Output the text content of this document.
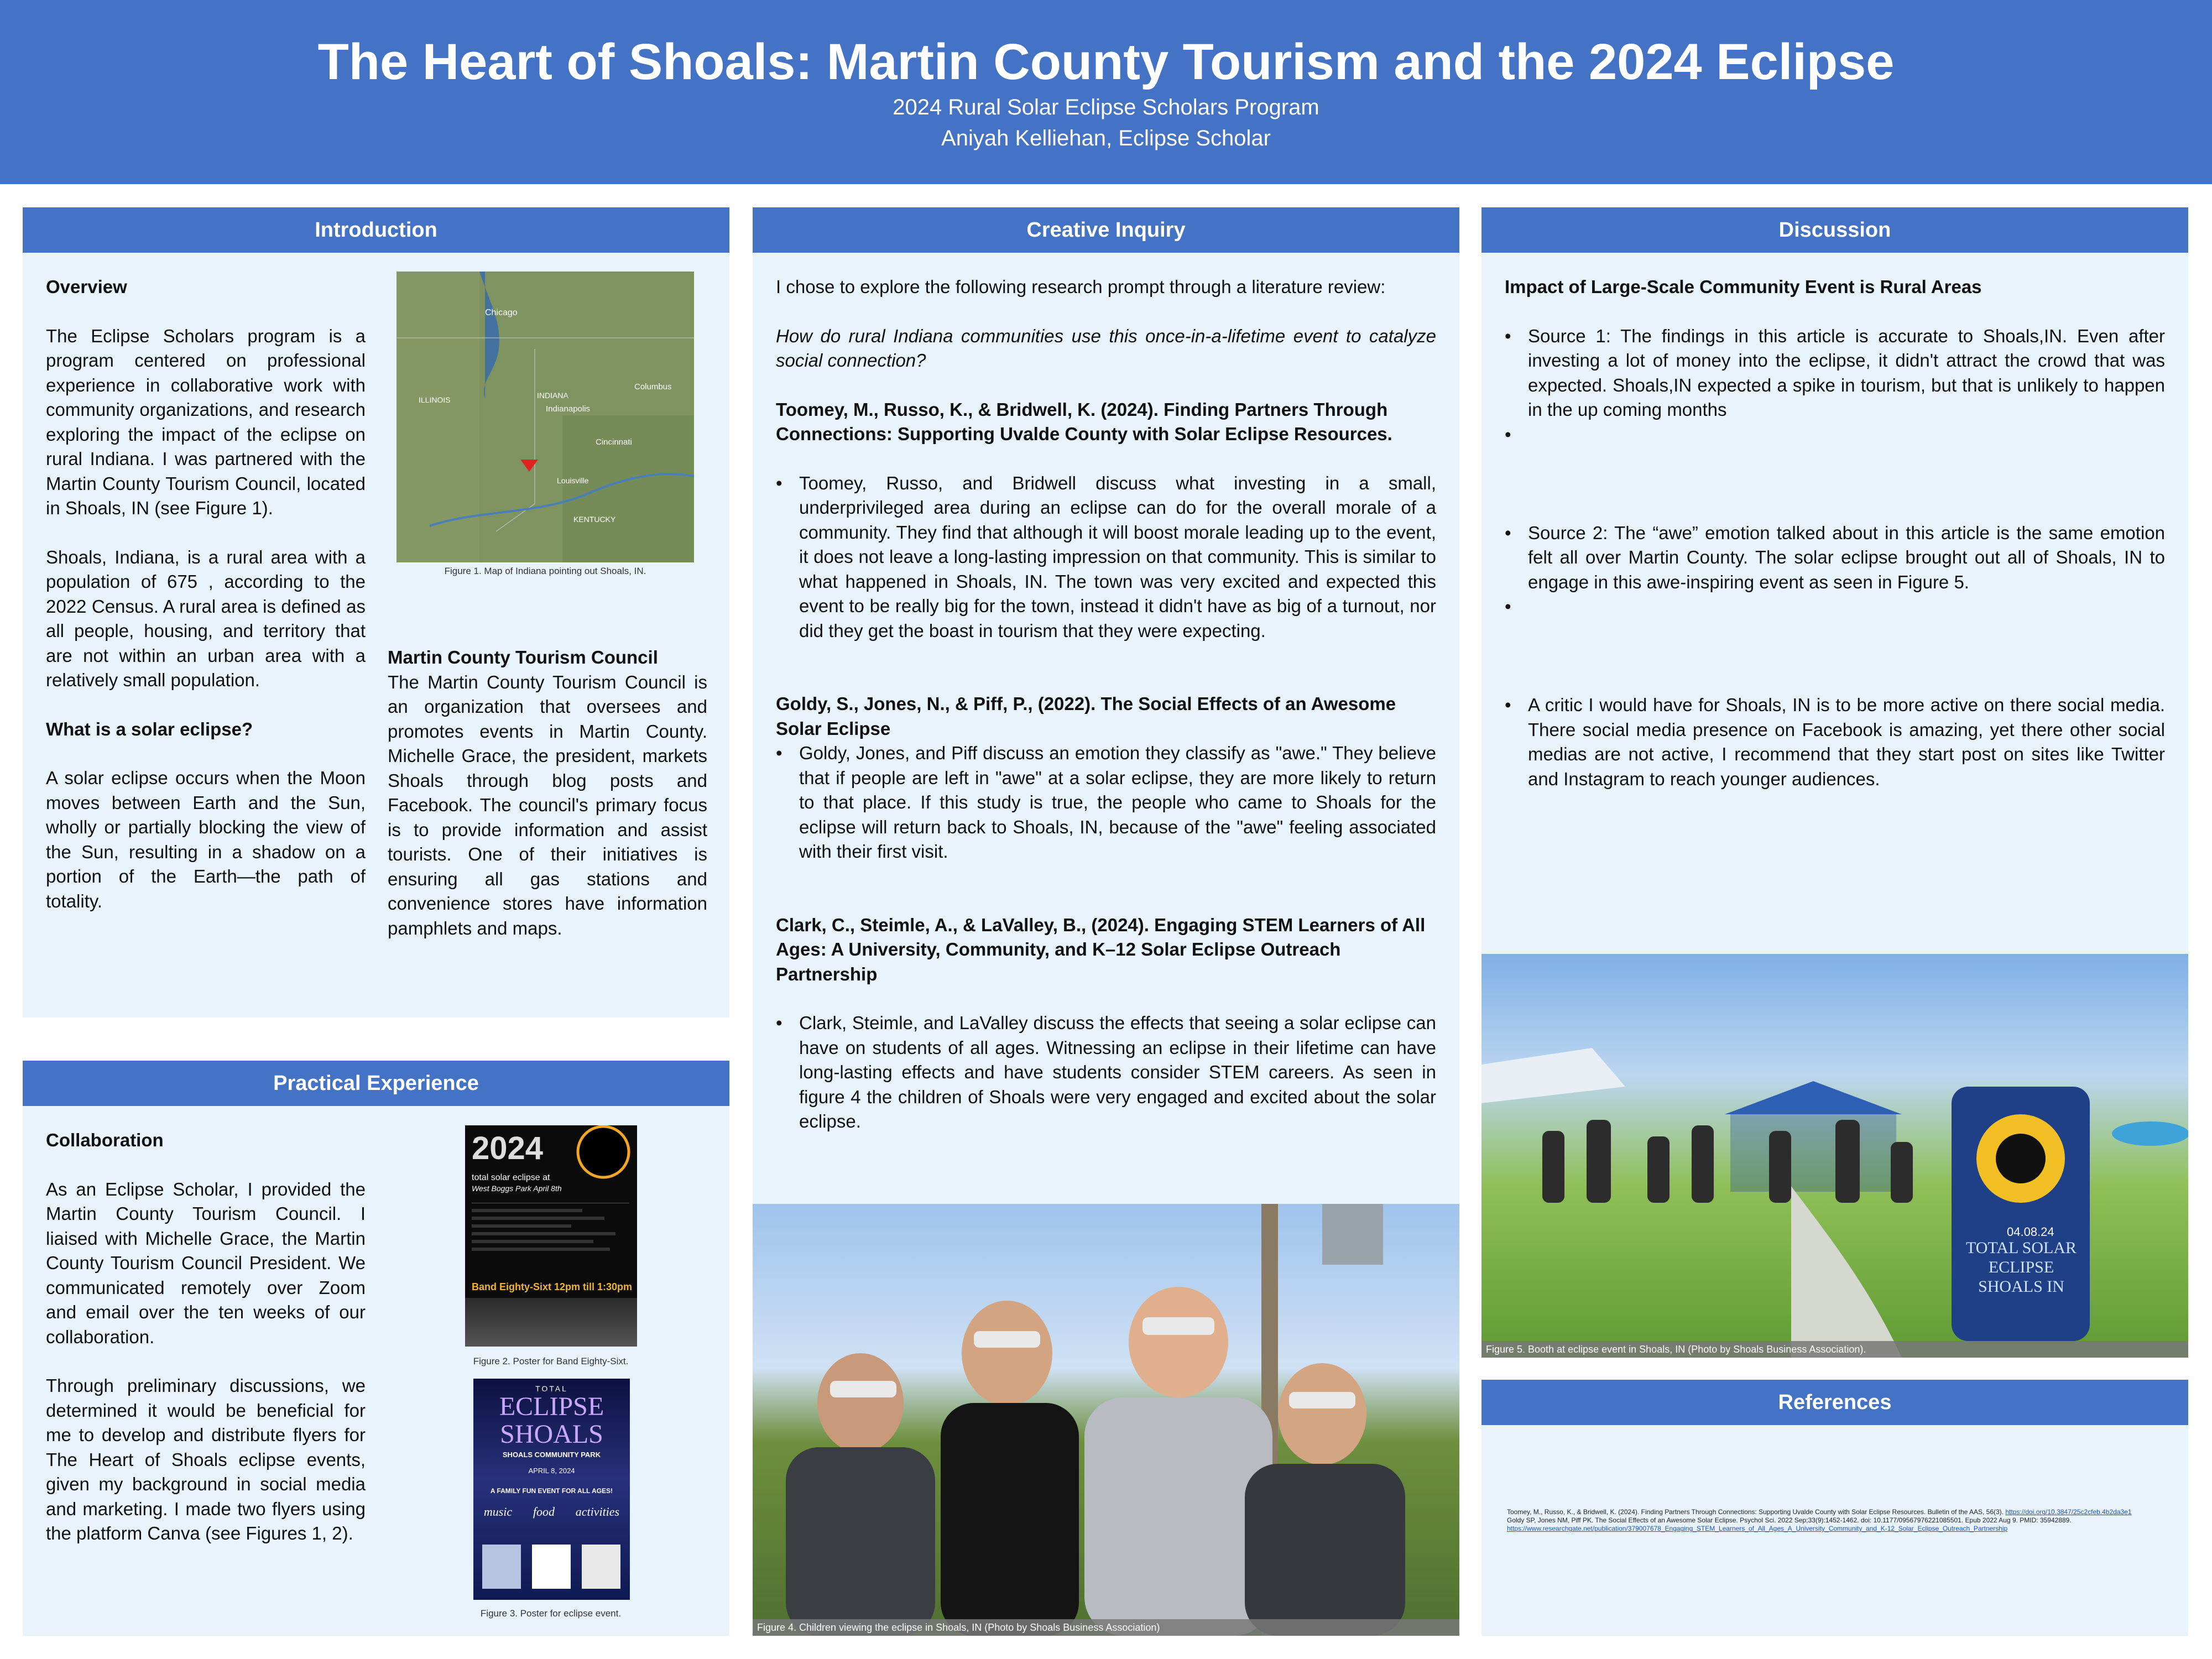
The Heart of Shoals: Martin County Tourism and the 2024 Eclipse
2024 Rural Solar Eclipse Scholars Program
Aniyah Kelliehan, Eclipse Scholar
Introduction
Overview
The Eclipse Scholars program is a program centered on professional experience in collaborative work with community organizations, and research exploring the impact of the eclipse on rural Indiana. I was partnered with the Martin County Tourism Council, located in Shoals, IN (see Figure 1).
Shoals, Indiana, is a rural area with a population of 675 , according to the 2022 Census. A rural area is defined as all people, housing, and territory that are not within an urban area with a relatively small population.
What is a solar eclipse?
A solar eclipse occurs when the Moon moves between Earth and the Sun, wholly or partially blocking the view of the Sun, resulting in a shadow on a portion of the Earth—the path of totality.
Chicago
ILLINOIS	INDIANA
Indianapolis
Columbus
Cincinnati
Louisville
KENTUCKY
Figure 1. Map of Indiana pointing out Shoals, IN.
Martin County Tourism Council
The Martin County Tourism Council is an organization that oversees and promotes events in Martin County. Michelle Grace, the president, markets Shoals through blog posts and Facebook. The council's primary focus is to provide information and assist tourists. One of their initiatives is ensuring all gas stations and convenience stores have information pamphlets and maps.
Practical Experience
Collaboration
As an Eclipse Scholar, I provided the Martin County Tourism Council. I liaised with Michelle Grace, the Martin County Tourism Council President. We communicated remotely over Zoom and email over the ten weeks of our collaboration.
Through preliminary discussions, we determined it would be beneficial for me to develop and distribute flyers for The Heart of Shoals eclipse events, given my background in social media and marketing. I made two flyers using the platform Canva (see Figures 1, 2).
2024
total solar eclipse at
West Boggs Park April 8th
Band Eighty-Sixt 12pm till 1:30pm
Figure 2. Poster for Band Eighty-Sixt.
TOTAL
ECLIPSE
SHOALS
SHOALS COMMUNITY PARK
APRIL 8, 2024
A FAMILY FUN EVENT FOR ALL AGES!
music food activities
Figure 3. Poster for eclipse event.
Creative Inquiry
I chose to explore the following research prompt through a literature review:
How do rural Indiana communities use this once-in-a-lifetime event to catalyze social connection?
Toomey, M., Russo, K., & Bridwell, K. (2024). Finding Partners Through Connections: Supporting Uvalde County with Solar Eclipse Resources.
• Toomey, Russo, and Bridwell discuss what investing in a small, underprivileged area during an eclipse can do for the overall morale of a community. They find that although it will boost morale leading up to the event, it does not leave a long-lasting impression on that community. This is similar to what happened in Shoals, IN. The town was very excited and expected this event to be really big for the town, instead it didn't have as big of a turnout, nor did they get the boast in tourism that they were expecting.
Goldy, S., Jones, N., & Piff, P., (2022). The Social Effects of an Awesome Solar Eclipse
• Goldy, Jones, and Piff discuss an emotion they classify as "awe." They believe that if people are left in "awe" at a solar eclipse, they are more likely to return to that place. If this study is true, the people who came to Shoals for the eclipse will return back to Shoals, IN, because of the "awe" feeling associated with their first visit.
Clark, C., Steimle, A., & LaValley, B., (2024). Engaging STEM Learners of All Ages: A University, Community, and K–12 Solar Eclipse Outreach Partnership
• Clark, Steimle, and LaValley discuss the effects that seeing a solar eclipse can have on students of all ages. Witnessing an eclipse in their lifetime can have long-lasting effects and have students consider STEM careers. As seen in figure 4 the children of Shoals were very engaged and excited about the solar eclipse.
Figure 4. Children viewing the eclipse in Shoals, IN (Photo by Shoals Business Association)
Discussion
Impact of Large-Scale Community Event is Rural Areas
• Source 1: The findings in this article is accurate to Shoals,IN. Even after investing a lot of money into the eclipse, it didn't attract the crowd that was expected. Shoals,IN expected a spike in tourism, but that is unlikely to happen in the up coming months
•
• Source 2: The “awe” emotion talked about in this article is the same emotion felt all over Martin County. The solar eclipse brought out all of Shoals, IN to engage in this awe-inspiring event as seen in Figure 5.
•
• A critic I would have for Shoals, IN is to be more active on there social media. There social media presence on Facebook is amazing, yet there other social medias are not active, I recommend that they start post on sites like Twitter and Instagram to reach younger audiences.
04.08.24
TOTAL SOLAR
ECLIPSE
SHOALS IN
Figure 5. Booth at eclipse event in Shoals, IN (Photo by Shoals Business Association).
References
Toomey, M., Russo, K., & Bridwell, K. (2024). Finding Partners Through Connections: Supporting Uvalde County with Solar Eclipse Resources. Bulletin of the AAS, 56(3). https://doi.org/10.3847/25c2cfeb.4b2da3e1
Goldy SP, Jones NM, Piff PK. The Social Effects of an Awesome Solar Eclipse. Psychol Sci. 2022 Sep;33(9):1452-1462. doi: 10.1177/09567976221085501. Epub 2022 Aug 9. PMID: 35942889.
https://www.researchgate.net/publication/379007678_Engaging_STEM_Learners_of_All_Ages_A_University_Community_and_K-12_Solar_Eclipse_Outreach_Partnership
